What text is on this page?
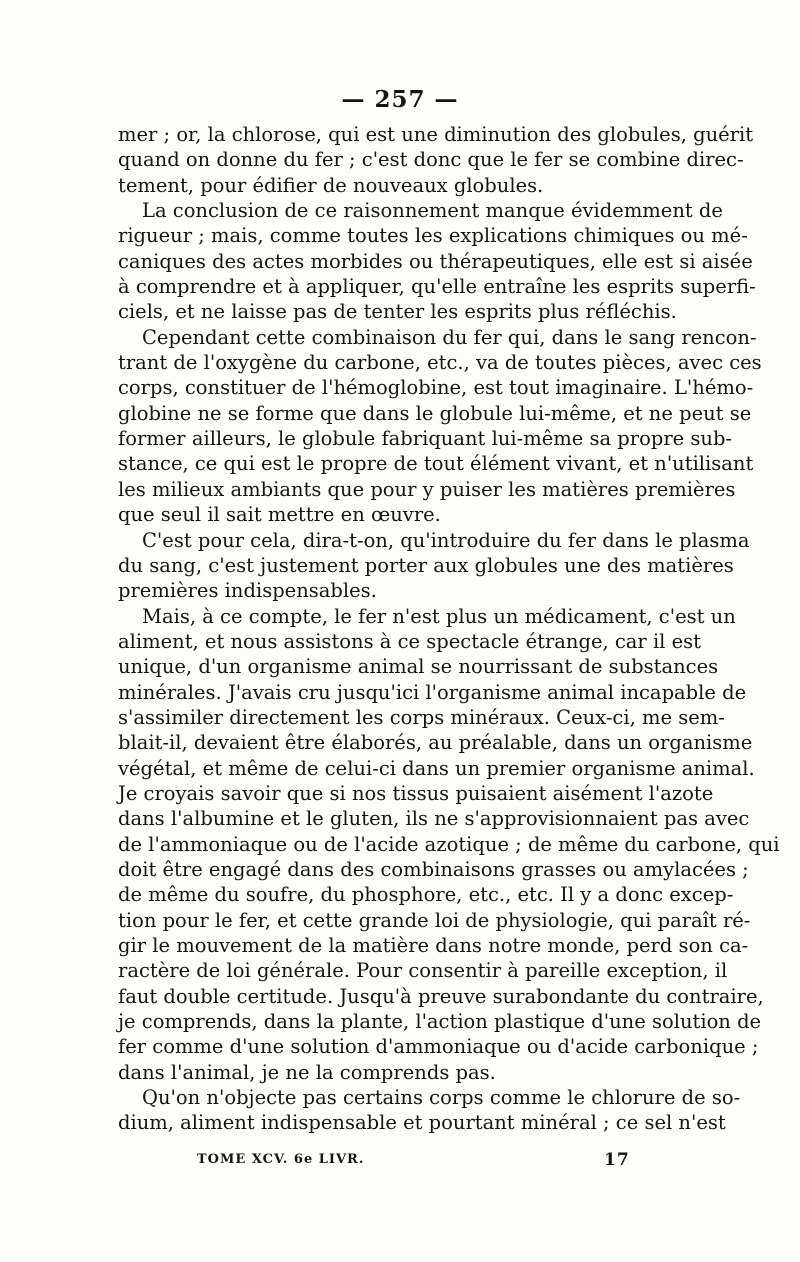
— 257 —
mer ; or, la chlorose, qui est une diminution des globules, guérit
quand on donne du fer ; c'est donc que le fer se combine direc-
tement, pour édifier de nouveaux globules.
La conclusion de ce raisonnement manque évidemment de
rigueur ; mais, comme toutes les explications chimiques ou mé-
caniques des actes morbides ou thérapeutiques, elle est si aisée
à comprendre et à appliquer, qu'elle entraîne les esprits superfi-
ciels, et ne laisse pas de tenter les esprits plus réfléchis.
Cependant cette combinaison du fer qui, dans le sang rencon-
trant de l'oxygène du carbone, etc., va de toutes pièces, avec ces
corps, constituer de l'hémoglobine, est tout imaginaire. L'hémo-
globine ne se forme que dans le globule lui-même, et ne peut se
former ailleurs, le globule fabriquant lui-même sa propre sub-
stance, ce qui est le propre de tout élément vivant, et n'utilisant
les milieux ambiants que pour y puiser les matières premières
que seul il sait mettre en œuvre.
C'est pour cela, dira-t-on, qu'introduire du fer dans le plasma
du sang, c'est justement porter aux globules une des matières
premières indispensables.
Mais, à ce compte, le fer n'est plus un médicament, c'est un
aliment, et nous assistons à ce spectacle étrange, car il est
unique, d'un organisme animal se nourrissant de substances
minérales. J'avais cru jusqu'ici l'organisme animal incapable de
s'assimiler directement les corps minéraux. Ceux-ci, me sem-
blait-il, devaient être élaborés, au préalable, dans un organisme
végétal, et même de celui-ci dans un premier organisme animal.
Je croyais savoir que si nos tissus puisaient aisément l'azote
dans l'albumine et le gluten, ils ne s'approvisionnaient pas avec
de l'ammoniaque ou de l'acide azotique ; de même du carbone, qui
doit être engagé dans des combinaisons grasses ou amylacées ;
de même du soufre, du phosphore, etc., etc. Il y a donc excep-
tion pour le fer, et cette grande loi de physiologie, qui paraît ré-
gir le mouvement de la matière dans notre monde, perd son ca-
ractère de loi générale. Pour consentir à pareille exception, il
faut double certitude. Jusqu'à preuve surabondante du contraire,
je comprends, dans la plante, l'action plastique d'une solution de
fer comme d'une solution d'ammoniaque ou d'acide carbonique ;
dans l'animal, je ne la comprends pas.
Qu'on n'objecte pas certains corps comme le chlorure de so-
dium, aliment indispensable et pourtant minéral ; ce sel n'est
TOME XCV. 6e LIVR.	17
